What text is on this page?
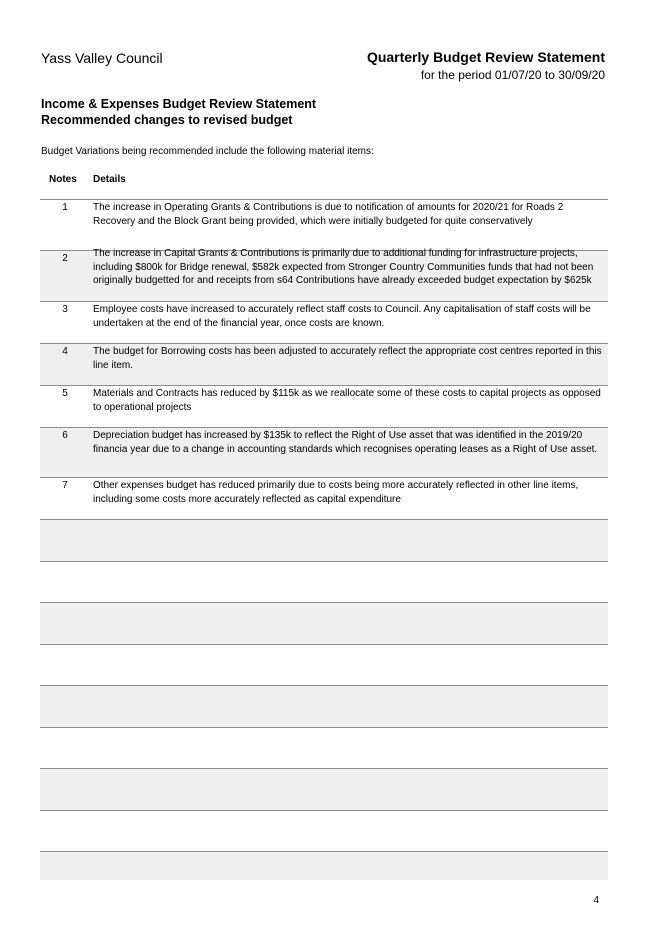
Yass Valley Council	Quarterly Budget Review Statement
for the period 01/07/20 to 30/09/20
Income & Expenses Budget Review Statement
Recommended changes to revised budget
Budget Variations being recommended include the following material items:
Notes Details
1	The increase in Operating Grants & Contributions is due to notification of amounts for 2020/21 for Roads 2 Recovery and the Block Grant being provided, which were initially budgeted for quite conservatively
2	The increase in Capital Grants & Contributions is primarily due to additional funding for infrastructure projects, including $800k for Bridge renewal, $582k expected from Stronger Country Communities funds that had not been originally budgetted for and receipts from s64 Contributions have already exceeded budget expectation by $625k
3	Employee costs have increased to accurately reflect staff costs to Council. Any capitalisation of staff costs will be undertaken at the end of the financial year, once costs are known.
4	The budget for Borrowing costs has been adjusted to accurately reflect the appropriate cost centres reported in this line item.
5	Materials and Contracts has reduced by $115k as we reallocate some of these costs to capital projects as opposed to operational projects
6	Depreciation budget has increased by $135k to reflect the Right of Use asset that was identified in the 2019/20 financia year due to a change in accounting standards which recognises operating leases as a Right of Use asset.
7	Other expenses budget has reduced primarily due to costs being more accurately reflected in other line items, including some costs more accurately reflected as capital expenditure
4
